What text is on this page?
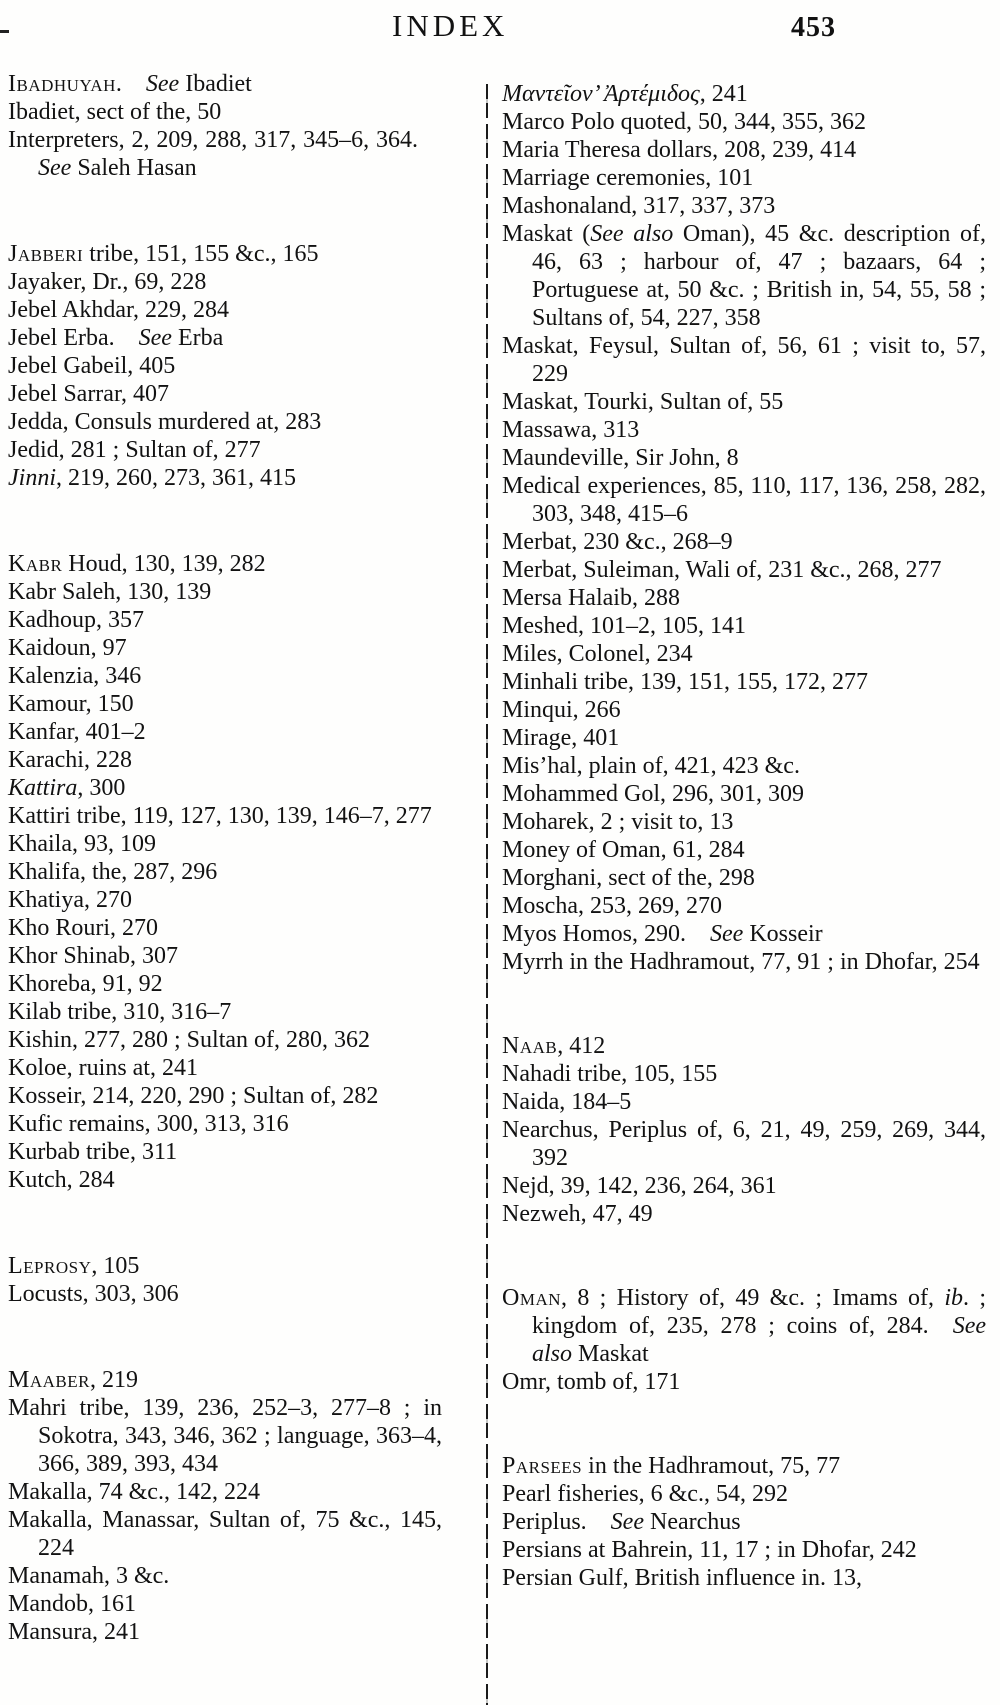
INDEX	453
Ibadhuyah. See Ibadiet
Ibadiet, sect of the, 50
Interpreters, 2, 209, 288, 317, 345–6, 364. See Saleh Hasan
Jabberi tribe, 151, 155 &c., 165
Jayaker, Dr., 69, 228
Jebel Akhdar, 229, 284
Jebel Erba. See Erba
Jebel Gabeil, 405
Jebel Sarrar, 407
Jedda, Consuls murdered at, 283
Jedid, 281 ; Sultan of, 277
Jinni, 219, 260, 273, 361, 415
Kabr Houd, 130, 139, 282
Kabr Saleh, 130, 139
Kadhoup, 357
Kaidoun, 97
Kalenzia, 346
Kamour, 150
Kanfar, 401–2
Karachi, 228
Kattira, 300
Kattiri tribe, 119, 127, 130, 139, 146–7, 277
Khaila, 93, 109
Khalifa, the, 287, 296
Khatiya, 270
Kho Rouri, 270
Khor Shinab, 307
Khoreba, 91, 92
Kilab tribe, 310, 316–7
Kishin, 277, 280 ; Sultan of, 280, 362
Koloe, ruins at, 241
Kosseir, 214, 220, 290 ; Sultan of, 282
Kufic remains, 300, 313, 316
Kurbab tribe, 311
Kutch, 284
Leprosy, 105
Locusts, 303, 306
Maaber, 219
Mahri tribe, 139, 236, 252–3, 277–8 ; in Sokotra, 343, 346, 362 ; language, 363–4, 366, 389, 393, 434
Makalla, 74 &c., 142, 224
Makalla, Manassar, Sultan of, 75 &c., 145, 224
Manamah, 3 &c.
Mandob, 161
Mansura, 241
Μαντεῖον’ Ἀρτέμιδος, 241
Marco Polo quoted, 50, 344, 355, 362
Maria Theresa dollars, 208, 239, 414
Marriage ceremonies, 101
Mashonaland, 317, 337, 373
Maskat (See also Oman), 45 &c. description of, 46, 63 ; harbour of, 47 ; bazaars, 64 ; Portuguese at, 50 &c. ; British in, 54, 55, 58 ; Sultans of, 54, 227, 358
Maskat, Feysul, Sultan of, 56, 61 ; visit to, 57, 229
Maskat, Tourki, Sultan of, 55
Massawa, 313
Maundeville, Sir John, 8
Medical experiences, 85, 110, 117, 136, 258, 282, 303, 348, 415–6
Merbat, 230 &c., 268–9
Merbat, Suleiman, Wali of, 231 &c., 268, 277
Mersa Halaib, 288
Meshed, 101–2, 105, 141
Miles, Colonel, 234
Minhali tribe, 139, 151, 155, 172, 277
Minqui, 266
Mirage, 401
Mis’hal, plain of, 421, 423 &c.
Mohammed Gol, 296, 301, 309
Moharek, 2 ; visit to, 13
Money of Oman, 61, 284
Morghani, sect of the, 298
Moscha, 253, 269, 270
Myos Homos, 290. See Kosseir
Myrrh in the Hadhramout, 77, 91 ; in Dhofar, 254
Naab, 412
Nahadi tribe, 105, 155
Naida, 184–5
Nearchus, Periplus of, 6, 21, 49, 259, 269, 344, 392
Nejd, 39, 142, 236, 264, 361
Nezweh, 47, 49
Oman, 8 ; History of, 49 &c. ; Imams of, ib. ; kingdom of, 235, 278 ; coins of, 284. See also Maskat
Omr, tomb of, 171
Parsees in the Hadhramout, 75, 77
Pearl fisheries, 6 &c., 54, 292
Periplus. See Nearchus
Persians at Bahrein, 11, 17 ; in Dhofar, 242
Persian Gulf, British influence in. 13,
